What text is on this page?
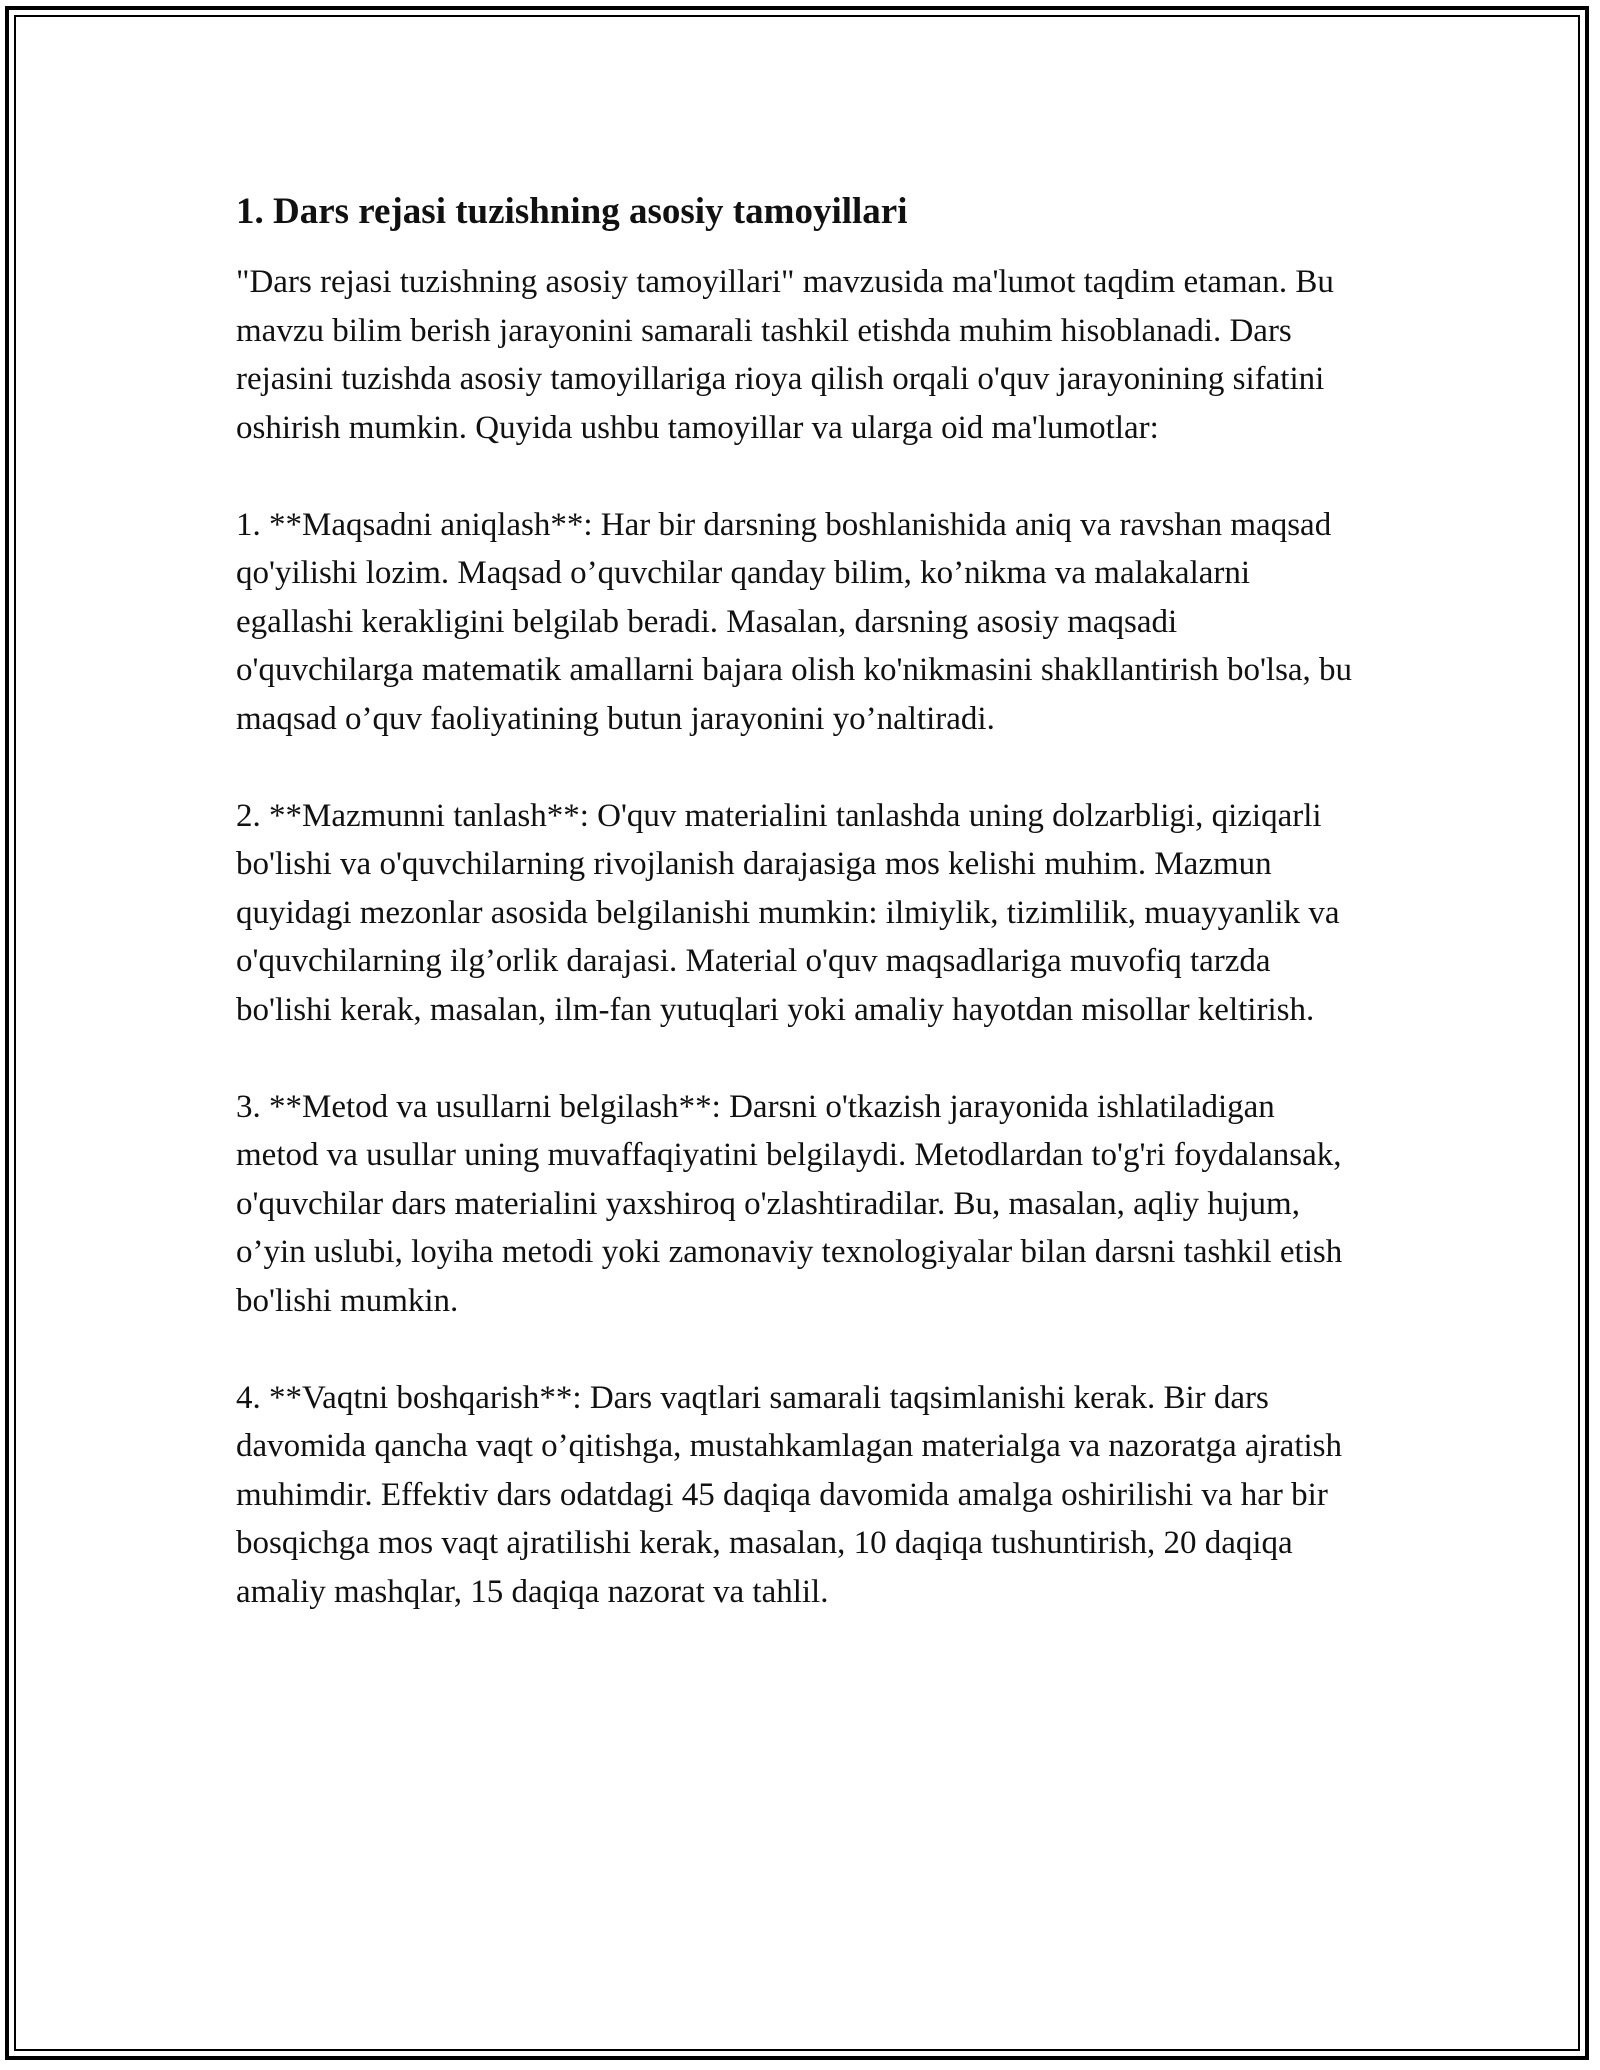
1. Dars rejasi tuzishning asosiy tamoyillari

"Dars rejasi tuzishning asosiy tamoyillari" mavzusida ma'lumot taqdim etaman. Bu mavzu bilim berish jarayonini samarali tashkil etishda muhim hisoblanadi. Dars rejasini tuzishda asosiy tamoyillariga rioya qilish orqali o'quv jarayonining sifatini oshirish mumkin. Quyida ushbu tamoyillar va ularga oid ma'lumotlar:

1. **Maqsadni aniqlash**: Har bir darsning boshlanishida aniq va ravshan maqsad qo'yilishi lozim. Maqsad o’quvchilar qanday bilim, ko’nikma va malakalarni egallashi kerakligini belgilab beradi. Masalan, darsning asosiy maqsadi o'quvchilarga matematik amallarni bajara olish ko'nikmasini shakllantirish bo'lsa, bu maqsad o’quv faoliyatining butun jarayonini yo’naltiradi.

2. **Mazmunni tanlash**: O'quv materialini tanlashda uning dolzarbligi, qiziqarli bo'lishi va o'quvchilarning rivojlanish darajasiga mos kelishi muhim. Mazmun quyidagi mezonlar asosida belgilanishi mumkin: ilmiylik, tizimlilik, muayyanlik va o'quvchilarning ilg’orlik darajasi. Material o'quv maqsadlariga muvofiq tarzda bo'lishi kerak, masalan, ilm-fan yutuqlari yoki amaliy hayotdan misollar keltirish.

3. **Metod va usullarni belgilash**: Darsni o'tkazish jarayonida ishlatiladigan metod va usullar uning muvaffaqiyatini belgilaydi. Metodlardan to'g'ri foydalansak, o'quvchilar dars materialini yaxshiroq o'zlashtiradilar. Bu, masalan, aqliy hujum, o’yin uslubi, loyiha metodi yoki zamonaviy texnologiyalar bilan darsni tashkil etish bo'lishi mumkin.

4. **Vaqtni boshqarish**: Dars vaqtlari samarali taqsimlanishi kerak. Bir dars davomida qancha vaqt o’qitishga, mustahkamlagan materialga va nazoratga ajratish muhimdir. Effektiv dars odatdagi 45 daqiqa davomida amalga oshirilishi va har bir bosqichga mos vaqt ajratilishi kerak, masalan, 10 daqiqa tushuntirish, 20 daqiqa amaliy mashqlar, 15 daqiqa nazorat va tahlil.
